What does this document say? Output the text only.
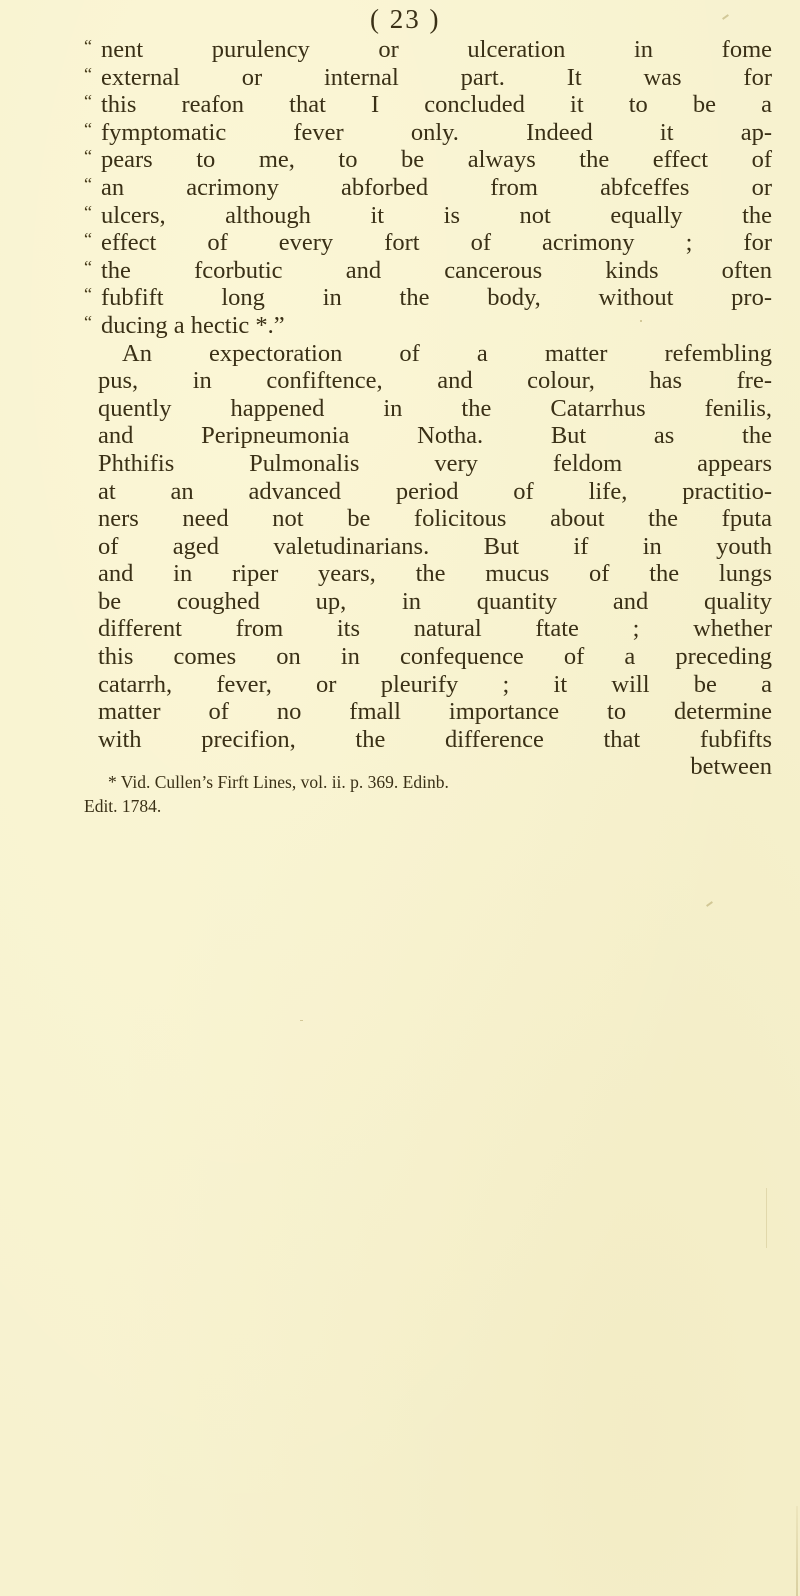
( 23 )
“ nent purulency or ulceration in fome
“ external or internal part. It was for
“ this reafon that I concluded it to be a
“ fymptomatic fever only. Indeed it ap-
“ pears to me, to be always the effect of
“ an acrimony abforbed from abfceffes or
“ ulcers, although it is not equally the
“ effect of every fort of acrimony ; for
“ the fcorbutic and cancerous kinds often
“ fubfift long in the body, without pro-
“ ducing a hectic *.”
An expectoration of a matter refembling
pus, in confiftence, and colour, has fre-
quently happened in the Catarrhus fenilis,
and Peripneumonia Notha. But as the
Phthifis Pulmonalis very feldom appears
at an advanced period of life, practitio-
ners need not be folicitous about the fputa
of aged valetudinarians. But if in youth
and in riper years, the mucus of the lungs
be coughed up, in quantity and quality
different from its natural ftate ; whether
this comes on in confequence of a preceding
catarrh, fever, or pleurify ; it will be a
matter of no fmall importance to determine
with precifion, the difference that fubfifts
between
* Vid. Cullen’s Firft Lines, vol. ii. p. 369. Edinb.
Edit. 1784.
